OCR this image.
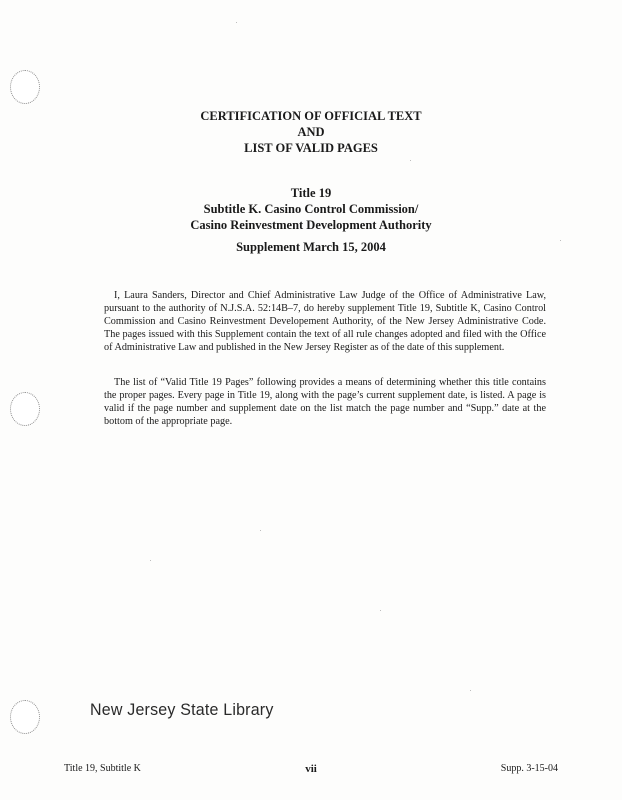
CERTIFICATION OF OFFICIAL TEXT
AND
LIST OF VALID PAGES
Title 19
Subtitle K. Casino Control Commission/
Casino Reinvestment Development Authority
Supplement March 15, 2004

I, Laura Sanders, Director and Chief Administrative Law Judge of the Office of Administrative Law, pursuant to the authority of N.J.S.A. 52:14B–7, do hereby supplement Title 19, Subtitle K, Casino Control Commission and Casino Reinvestment Developement Authority, of the New Jersey Administrative Code. The pages issued with this Supplement contain the text of all rule changes adopted and filed with the Office of Administrative Law and published in the New Jersey Register as of the date of this supplement.

The list of “Valid Title 19 Pages” following provides a means of determining whether this title contains the proper pages. Every page in Title 19, along with the page’s current supplement date, is listed. A page is valid if the page number and supplement date on the list match the page number and “Supp.” date at the bottom of the appropriate page.

New Jersey State Library
Title 19, Subtitle K	vii	Supp. 3-15-04
